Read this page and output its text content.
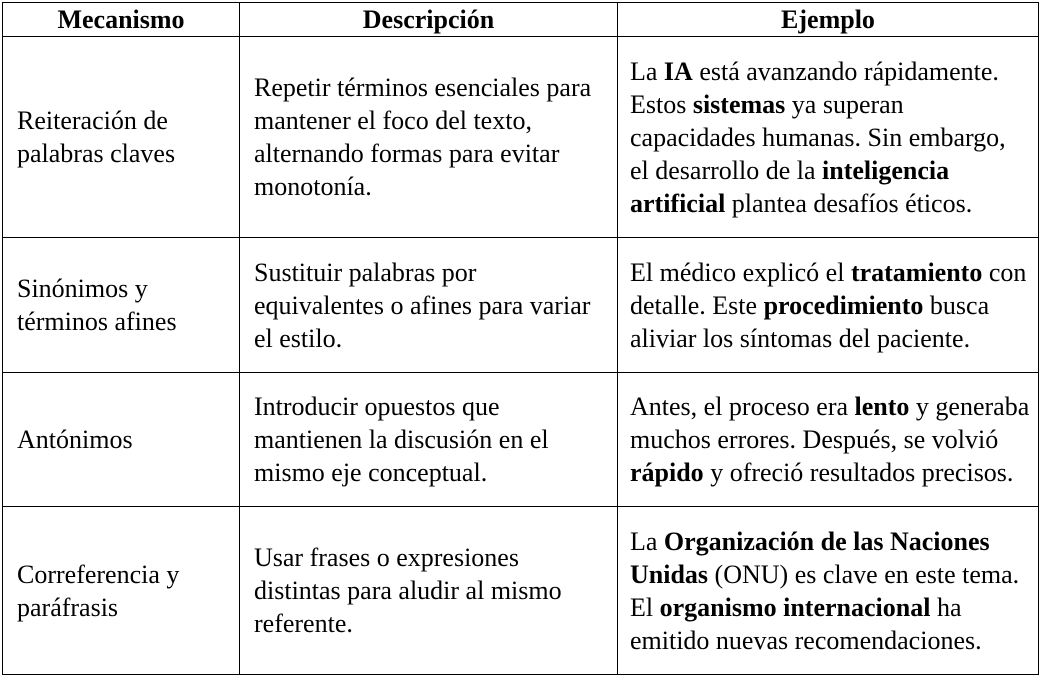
Mecanismo	Descripción	Ejemplo
Reiteración de palabras claves	Repetir términos esenciales para mantener el foco del texto, alternando formas para evitar monotonía.	La IA está avanzando rápidamente. Estos sistemas ya superan capacidades humanas. Sin embargo, el desarrollo de la inteligencia artificial plantea desafíos éticos.
Sinónimos y términos afines	Sustituir palabras por equivalentes o afines para variar el estilo.	El médico explicó el tratamiento con detalle. Este procedimiento busca aliviar los síntomas del paciente.
Antónimos	Introducir opuestos que mantienen la discusión en el mismo eje conceptual.	Antes, el proceso era lento y generaba muchos errores. Después, se volvió rápido y ofreció resultados precisos.
Correferencia y paráfrasis	Usar frases o expresiones distintas para aludir al mismo referente.	La Organización de las Naciones Unidas (ONU) es clave en este tema. El organismo internacional ha emitido nuevas recomendaciones.
